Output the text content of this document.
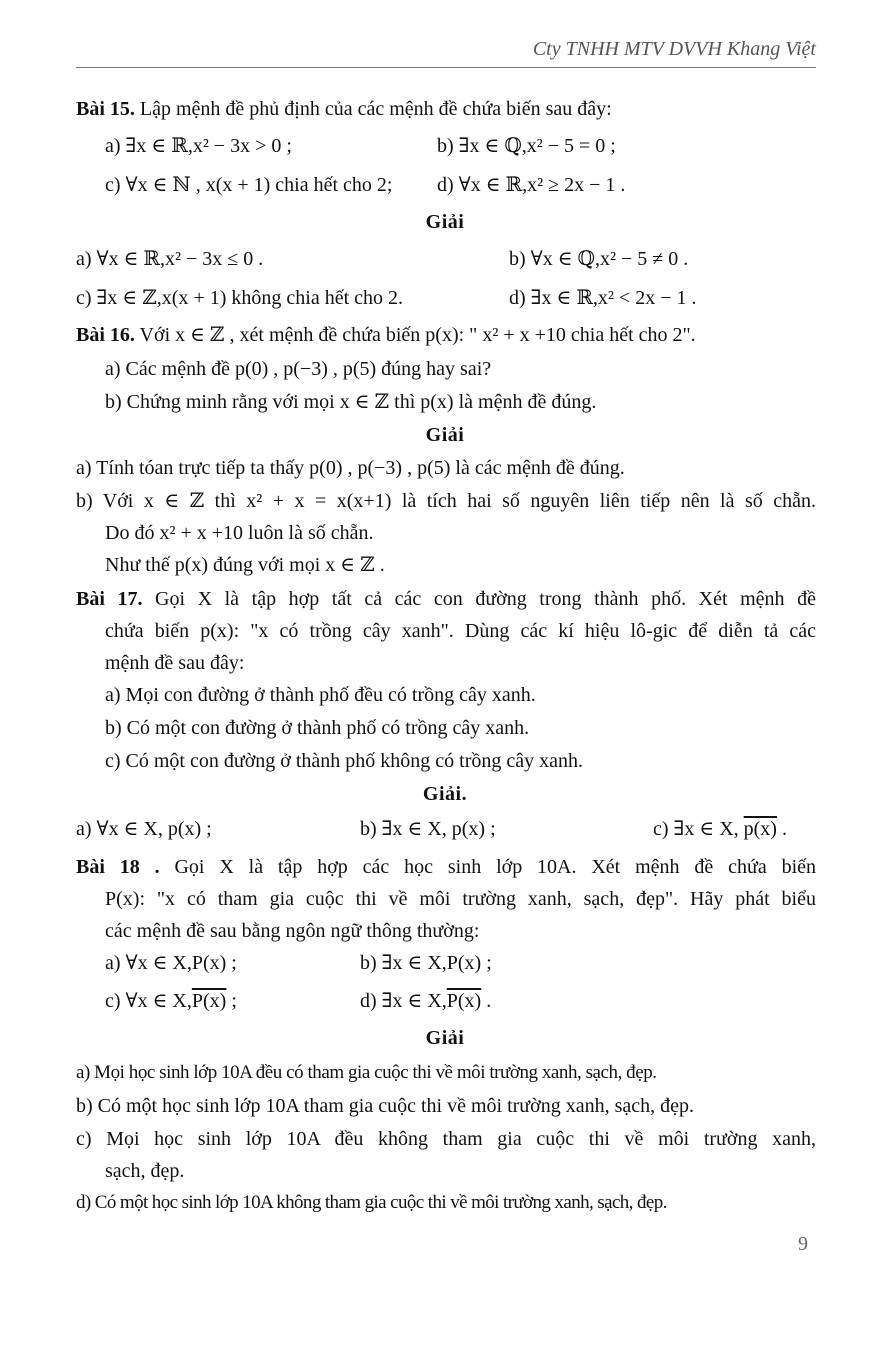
Cty TNHH MTV DVVH Khang Việt
Bài 15. Lập mệnh đề phủ định của các mệnh đề chứa biến sau đây:
a) ∃x ∈ ℝ,x² − 3x > 0 ;	b) ∃x ∈ ℚ,x² − 5 = 0 ;
c) ∀x ∈ ℕ , x(x + 1) chia hết cho 2; d) ∀x ∈ ℝ,x² ≥ 2x − 1 .
Giải
a) ∀x ∈ ℝ,x² − 3x ≤ 0 .	b) ∀x ∈ ℚ,x² − 5 ≠ 0 .
c) ∃x ∈ ℤ,x(x + 1) không chia hết cho 2.	d) ∃x ∈ ℝ,x² < 2x − 1 .
Bài 16. Với x ∈ ℤ , xét mệnh đề chứa biến p(x): " x² + x +10 chia hết cho 2".
a) Các mệnh đề p(0) , p(−3) , p(5) đúng hay sai?
b) Chứng minh rằng với mọi x ∈ ℤ thì p(x) là mệnh đề đúng.
Giải
a) Tính tóan trực tiếp ta thấy p(0) , p(−3) , p(5) là các mệnh đề đúng.
b) Với x ∈ ℤ thì x² + x = x(x+1) là tích hai số nguyên liên tiếp nên là số chẵn.
Do đó x² + x +10 luôn là số chẵn.
Như thế p(x) đúng với mọi x ∈ ℤ .
Bài 17. Gọi X là tập hợp tất cả các con đường trong thành phố. Xét mệnh đề
chứa biến p(x): "x có trồng cây xanh". Dùng các kí hiệu lô-gic để diễn tả các
mệnh đề sau đây:
a) Mọi con đường ở thành phố đều có trồng cây xanh.
b) Có một con đường ở thành phố có trồng cây xanh.
c) Có một con đường ở thành phố không có trồng cây xanh.
Giải.
a) ∀x ∈ X, p(x) ;	b) ∃x ∈ X, p(x) ;	c) ∃x ∈ X, p(x) .
Bài 18 . Gọi X là tập hợp các học sinh lớp 10A. Xét mệnh đề chứa biến
P(x): "x có tham gia cuộc thi về môi trường xanh, sạch, đẹp". Hãy phát biểu
các mệnh đề sau bằng ngôn ngữ thông thường:
a) ∀x ∈ X,P(x) ;	b) ∃x ∈ X,P(x) ;
c) ∀x ∈ X,P(x) ;	d) ∃x ∈ X,P(x) .
Giải
a) Mọi học sinh lớp 10A đều có tham gia cuộc thi về môi trường xanh, sạch, đẹp.
b) Có một học sinh lớp 10A tham gia cuộc thi về môi trường xanh, sạch, đẹp.
c) Mọi học sinh lớp 10A đều không tham gia cuộc thi về môi trường xanh,
sạch, đẹp.
d) Có một học sinh lớp 10A không tham gia cuộc thi về môi trường xanh, sạch, đẹp.
9
